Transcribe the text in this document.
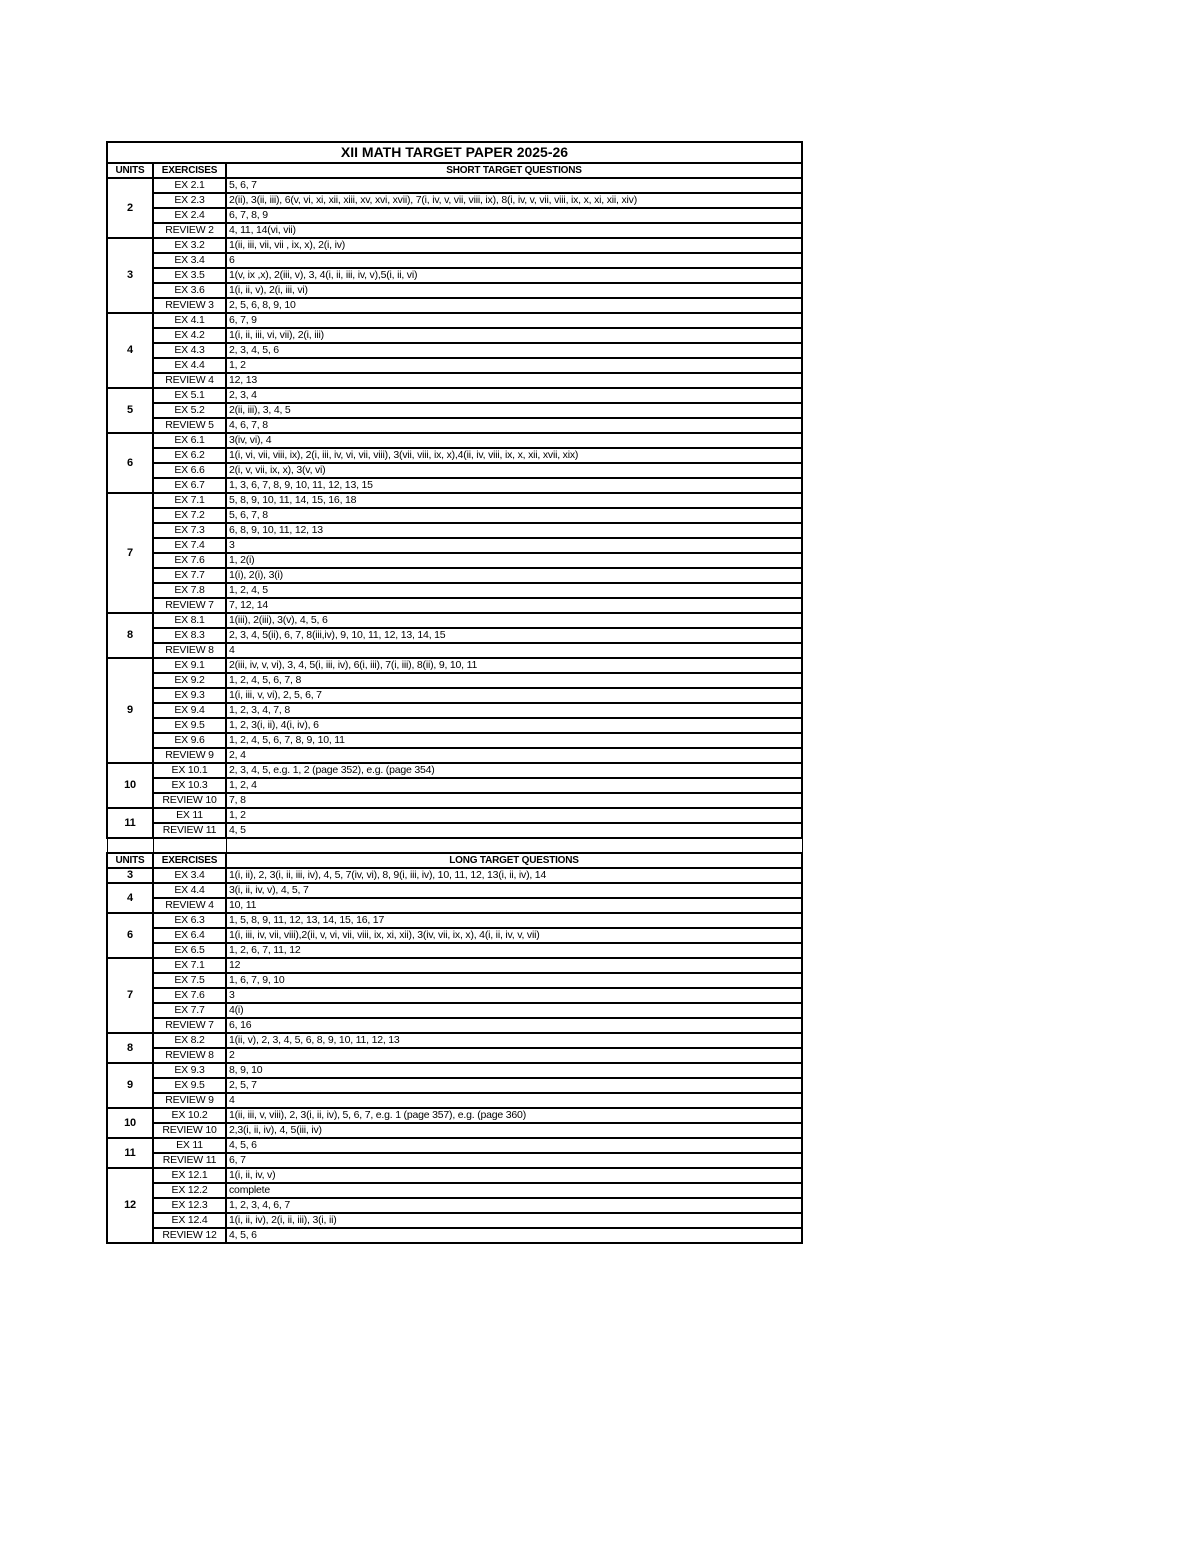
XII MATH TARGET PAPER 2025-26		
UNITS	EXERCISES	SHORT TARGET QUESTIONS
2	EX 2.1	5, 6, 7
	EX 2.3	2(ii), 3(ii, iii), 6(v, vi, xi, xii, xiii, xv, xvi, xvii), 7(i, iv, v, vii, viii, ix), 8(i, iv, v, vii, viii, ix, x, xi, xii, xiv)
	EX 2.4	6, 7, 8, 9
	REVIEW 2	4, 11, 14(vi, vii)
3	EX 3.2	1(ii, iii, vii, vii , ix, x), 2(i, iv)
	EX 3.4	6
	EX 3.5	1(v, ix ,x), 2(iii, v), 3, 4(i, ii, iii, iv, v),5(i, ii, vi)
	EX 3.6	1(i, ii, v), 2(i, iii, vi)
	REVIEW 3	2, 5, 6, 8, 9, 10
4	EX 4.1	6, 7, 9
	EX 4.2	1(i, ii, iii, vi, vii), 2(i, iii)
	EX 4.3	2, 3, 4, 5, 6
	EX 4.4	1, 2
	REVIEW 4	12, 13
5	EX 5.1	2, 3, 4
	EX 5.2	2(ii, iii), 3, 4, 5
	REVIEW 5	4, 6, 7, 8
6	EX 6.1	3(iv, vi), 4
	EX 6.2	1(i, vi, vii, viii, ix), 2(i, iii, iv, vi, vii, viii), 3(vii, viii, ix, x),4(ii, iv, viii, ix, x, xii, xvii, xix)
	EX 6.6	2(i, v, vii, ix, x), 3(v, vi)
	EX 6.7	1, 3, 6, 7, 8, 9, 10, 11, 12, 13, 15
7	EX 7.1	5, 8, 9, 10, 11, 14, 15, 16, 18
	EX 7.2	5, 6, 7, 8
	EX 7.3	6, 8, 9, 10, 11, 12, 13
	EX 7.4	3
	EX 7.6	1, 2(i)
	EX 7.7	1(i), 2(i), 3(i)
	EX 7.8	1, 2, 4, 5
	REVIEW 7	7, 12, 14
8	EX 8.1	1(iii), 2(iii), 3(v), 4, 5, 6
	EX 8.3	2, 3, 4, 5(ii), 6, 7, 8(iii,iv), 9, 10, 11, 12, 13, 14, 15
	REVIEW 8	4
9	EX 9.1	2(iii, iv, v, vi), 3, 4, 5(i, iii, iv), 6(i, iii), 7(i, iii), 8(ii), 9, 10, 11
	EX 9.2	1, 2, 4, 5, 6, 7, 8
	EX 9.3	1(i, iii, v, vi), 2, 5, 6, 7
	EX 9.4	1, 2, 3, 4, 7, 8
	EX 9.5	1, 2, 3(i, ii), 4(i, iv), 6
	EX 9.6	1, 2, 4, 5, 6, 7, 8, 9, 10, 11
	REVIEW 9	2, 4
10	EX 10.1	2, 3, 4, 5, e.g. 1, 2 (page 352), e.g. (page 354)
	EX 10.3	1, 2, 4
	REVIEW 10	7, 8
11	EX 11	1, 2
	REVIEW 11	4, 5

UNITS	EXERCISES	LONG TARGET QUESTIONS
3	EX 3.4	1(i, ii), 2, 3(i, ii, iii, iv), 4, 5, 7(iv, vi), 8, 9(i, iii, iv), 10, 11, 12, 13(i, ii, iv), 14
4	EX 4.4	3(i, ii, iv, v), 4, 5, 7
	REVIEW 4	10, 11
6	EX 6.3	1, 5, 8, 9, 11, 12, 13, 14, 15, 16, 17
	EX 6.4	1(i, iii, iv, vii, viii),2(ii, v, vi, vii, viii, ix, xi, xii), 3(iv, vii, ix, x), 4(i, ii, iv, v, vii)
	EX 6.5	1, 2, 6, 7, 11, 12
7	EX 7.1	12
	EX 7.5	1, 6, 7, 9, 10
	EX 7.6	3
	EX 7.7	4(i)
	REVIEW 7	6, 16
8	EX 8.2	1(ii, v), 2, 3, 4, 5, 6, 8, 9, 10, 11, 12, 13
	REVIEW 8	2
9	EX 9.3	8, 9, 10
	EX 9.5	2, 5, 7
	REVIEW 9	4
10	EX 10.2	1(ii, iii, v, viii), 2, 3(i, ii, iv), 5, 6, 7, e.g. 1 (page 357), e.g. (page 360)
	REVIEW 10	2,3(i, ii, iv), 4, 5(iii, iv)
11	EX 11	4, 5, 6
	REVIEW 11	6, 7
12	EX 12.1	1(i, ii, iv, v)
	EX 12.2	complete
	EX 12.3	1, 2, 3, 4, 6, 7
	EX 12.4	1(i, ii, iv), 2(i, ii, iii), 3(i, ii)
	REVIEW 12	4, 5, 6
